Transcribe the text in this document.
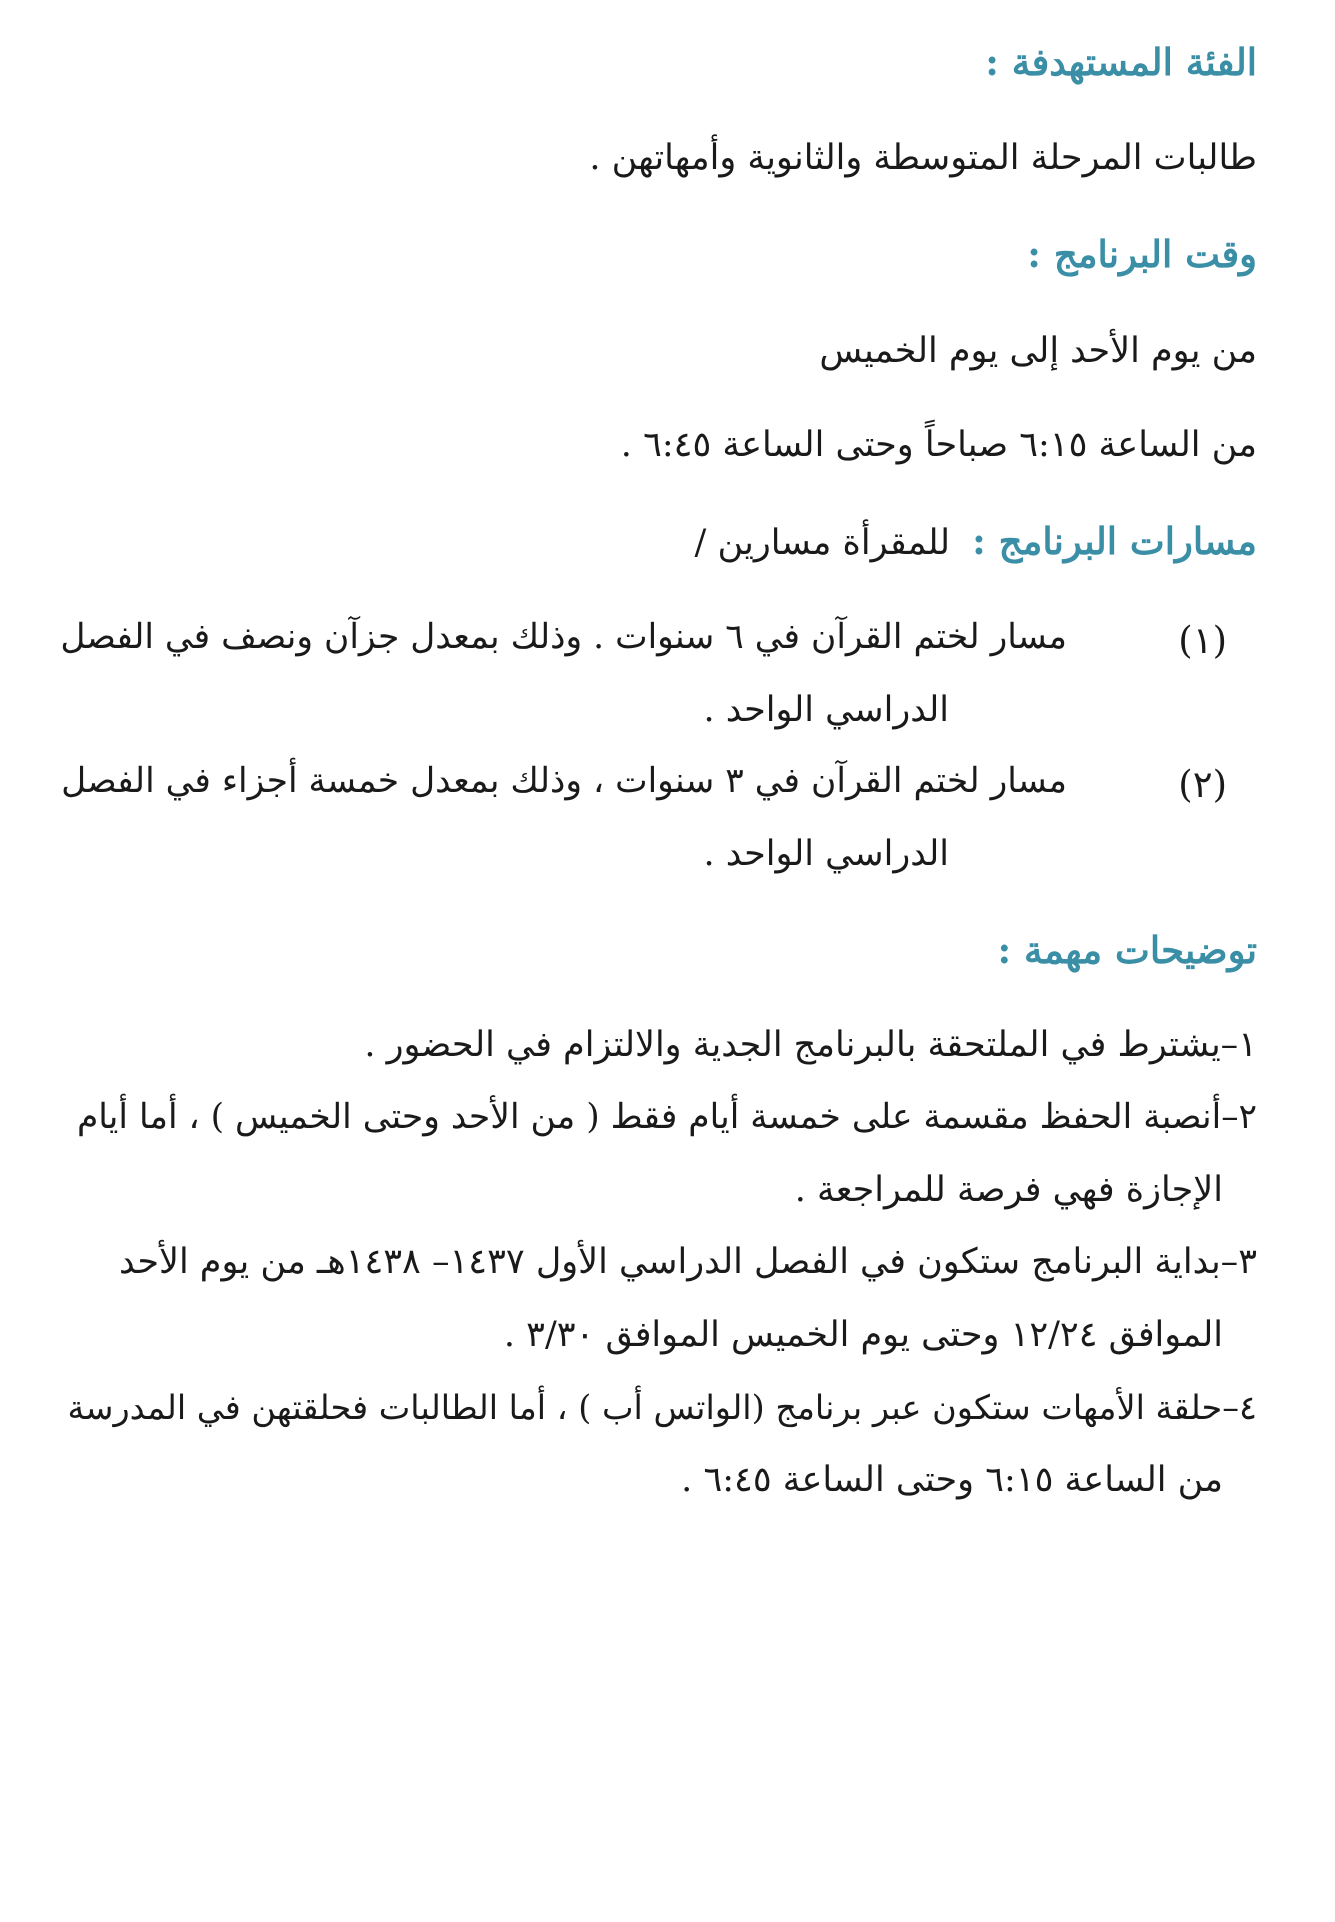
الفئة المستهدفة :
طالبات المرحلة المتوسطة والثانوية وأمهاتهن .
وقت البرنامج :
من يوم الأحد إلى يوم الخميس
من الساعة ٦:١٥ صباحاً وحتى الساعة ٦:٤٥ .
مسارات البرنامج :للمقرأة مسارين /
(١)
مسار لختم القرآن في ٦ سنوات . وذلك بمعدل جزآن ونصف في الفصل
الدراسي الواحد .
(٢)
مسار لختم القرآن في ٣ سنوات ، وذلك بمعدل خمسة أجزاء في الفصل
الدراسي الواحد .
توضيحات مهمة :
١–يشترط في الملتحقة بالبرنامج الجدية والالتزام في الحضور .
٢–أنصبة الحفظ مقسمة على خمسة أيام فقط ( من الأحد وحتى الخميس ) ، أما أيام
الإجازة فهي فرصة للمراجعة .
٣–بداية البرنامج ستكون في الفصل الدراسي الأول ١٤٣٧– ١٤٣٨هـ من يوم الأحد
الموافق ١٢/٢٤ وحتى يوم الخميس الموافق ٣/٣٠ .
٤–حلقة الأمهات ستكون عبر برنامج (الواتس أب ) ، أما الطالبات فحلقتهن في المدرسة
من الساعة ٦:١٥ وحتى الساعة ٦:٤٥ .
